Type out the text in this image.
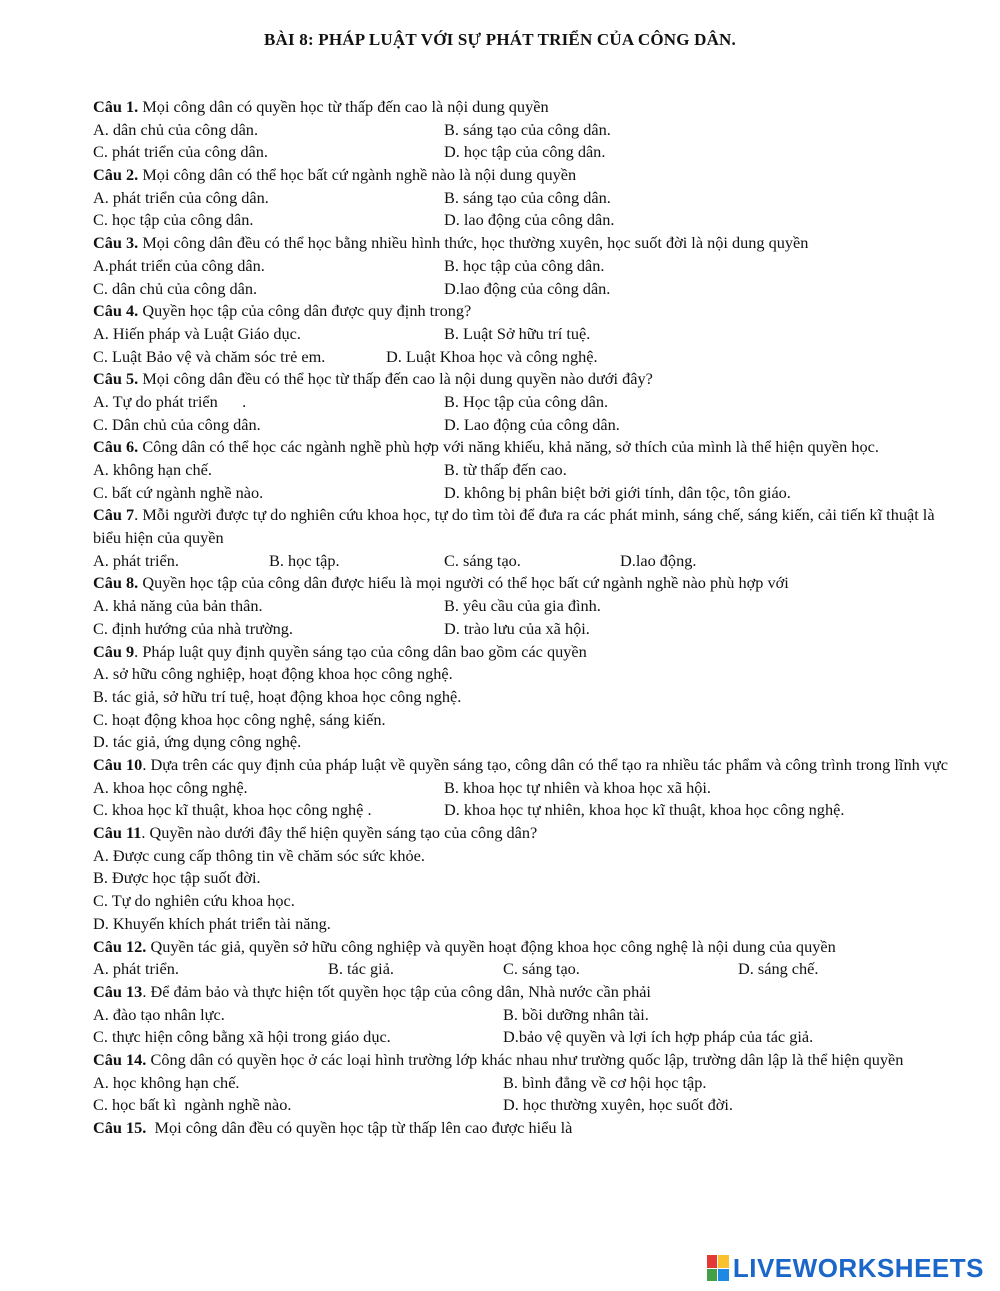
BÀI 8: PHÁP LUẬT VỚI SỰ PHÁT TRIỂN CỦA CÔNG DÂN.
Câu 1. Mọi công dân có quyền học từ thấp đến cao là nội dung quyền
A. dân chủ của công dân.	B. sáng tạo của công dân.
C. phát triển của công dân.	D. học tập của công dân.
Câu 2. Mọi công dân có thể học bất cứ ngành nghề nào là nội dung quyền
A. phát triển của công dân.	B. sáng tạo của công dân.
C. học tập của công dân.	D. lao động của công dân.
Câu 3. Mọi công dân đều có thể học bằng nhiều hình thức, học thường xuyên, học suốt đời là nội dung quyền
A.phát triển của công dân.	B. học tập của công dân.
C. dân chủ của công dân.	D.lao động của công dân.
Câu 4. Quyền học tập của công dân được quy định trong?
A. Hiến pháp và Luật Giáo dục.	B. Luật Sở hữu trí tuệ.
C. Luật Bảo vệ và chăm sóc trẻ em.	D. Luật Khoa học và công nghệ.
Câu 5. Mọi công dân đều có thể học từ thấp đến cao là nội dung quyền nào dưới đây?
A. Tự do phát triển      .	B. Học tập của công dân.
C. Dân chủ của công dân.	D. Lao động của công dân.
Câu 6. Công dân có thể học các ngành nghề phù hợp với năng khiếu, khả năng, sở thích của mình là thể hiện quyền học.
A. không hạn chế.	B. từ thấp đến cao.
C. bất cứ ngành nghề nào.	D. không bị phân biệt bởi giới tính, dân tộc, tôn giáo.
Câu 7. Mỗi người được tự do nghiên cứu khoa học, tự do tìm tòi để đưa ra các phát minh, sáng chế, sáng kiến, cải tiến kĩ thuật là biểu hiện của quyền
A. phát triển.	B. học tập.	C. sáng tạo.	D.lao động.
Câu 8. Quyền học tập của công dân được hiểu là mọi người có thể học bất cứ ngành nghề nào phù hợp với
A. khả năng của bản thân.	B. yêu cầu của gia đình.
C. định hướng của nhà trường.	D. trào lưu của xã hội.
Câu 9. Pháp luật quy định quyền sáng tạo của công dân bao gồm các quyền
A. sở hữu công nghiệp, hoạt động khoa học công nghệ.
B. tác giả, sở hữu trí tuệ, hoạt động khoa học công nghệ.
C. hoạt động khoa học công nghệ, sáng kiến.
D. tác giả, ứng dụng công nghệ.
Câu 10. Dựa trên các quy định của pháp luật về quyền sáng tạo, công dân có thể tạo ra nhiều tác phẩm và công trình trong lĩnh vực
A. khoa học công nghệ.	B. khoa học tự nhiên và khoa học xã hội.
C. khoa học kĩ thuật, khoa học công nghệ .	D. khoa học tự nhiên, khoa học kĩ thuật, khoa học công nghệ.
Câu 11. Quyền nào dưới đây thể hiện quyền sáng tạo của công dân?
A. Được cung cấp thông tin về chăm sóc sức khỏe.
B. Được học tập suốt đời.
C. Tự do nghiên cứu khoa học.
D. Khuyến khích phát triển tài năng.
Câu 12. Quyền tác giả, quyền sở hữu công nghiệp và quyền hoạt động khoa học công nghệ là nội dung của quyền
A. phát triển.	B. tác giả.	C. sáng tạo.	D. sáng chế.
Câu 13. Để đảm bảo và thực hiện tốt quyền học tập của công dân, Nhà nước cần phải
A. đào tạo nhân lực.	B. bồi dưỡng nhân tài.
C. thực hiện công bằng xã hội trong giáo dục.	D.bảo vệ quyền và lợi ích hợp pháp của tác giả.
Câu 14. Công dân có quyền học ở các loại hình trường lớp khác nhau như trường quốc lập, trường dân lập là thể hiện quyền
A. học không hạn chế.	B. bình đẳng về cơ hội học tập.
C. học bất kì  ngành nghề nào.	D. học thường xuyên, học suốt đời.
Câu 15.  Mọi công dân đều có quyền học tập từ thấp lên cao được hiểu là
LIVEWORKSHEETS
